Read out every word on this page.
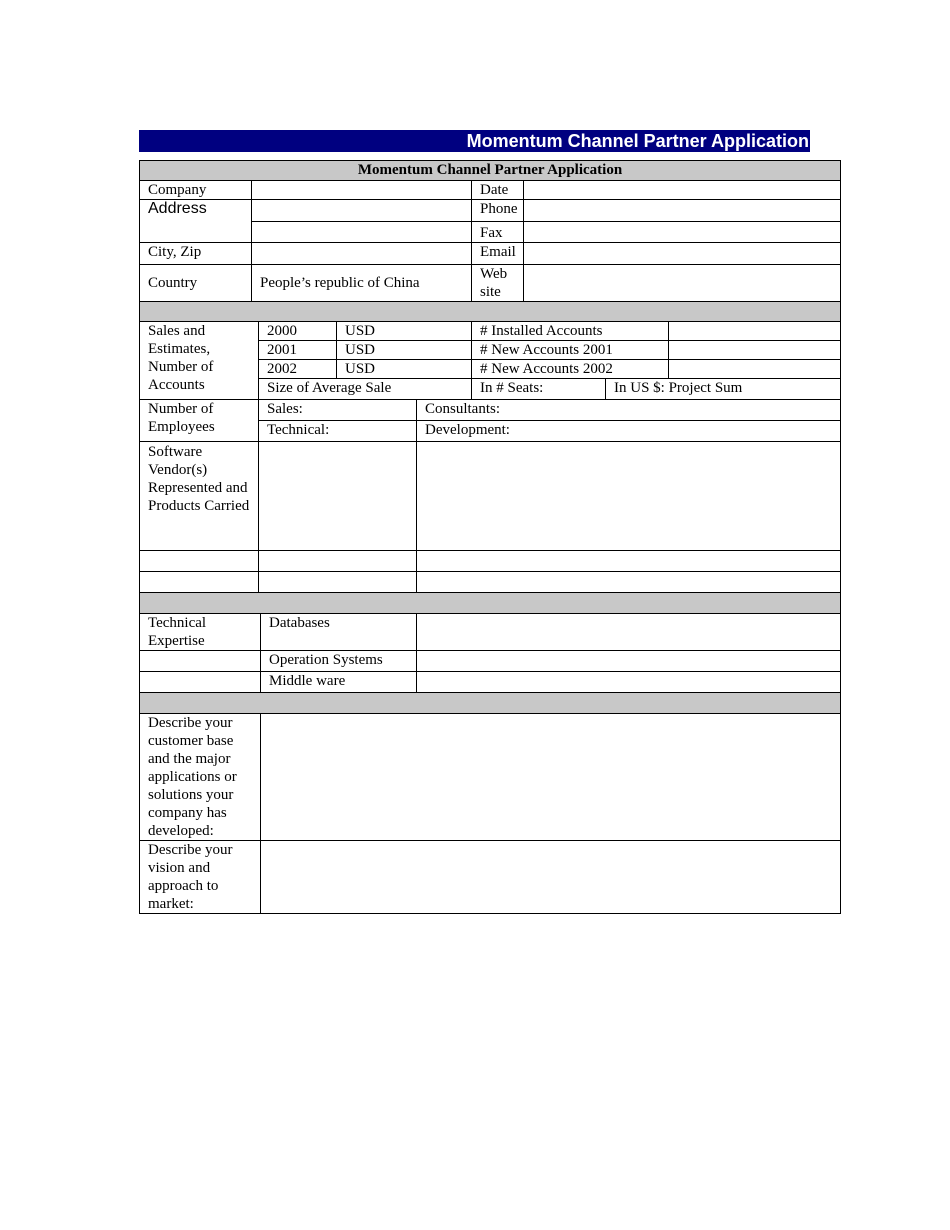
Momentum Channel Partner Application
Momentum Channel Partner Application									
Company						Date			
Address						Phone			
						Fax			
City, Zip						Email			
Country	People’s republic of China					Web site			

Sales and Estimates, Number of Accounts		2000		USD		# Installed Accounts			
		2001		USD		# New Accounts 2001			
		2002		USD		# New Accounts 2002			
		Size of Average Sale				In # Seats:		In US $: Project Sum	
Number of Employees		Sales:			Consultants:				
		Technical:			Development:				
Software Vendor(s) Represented and Products Carried									

Technical Expertise			Databases						
			Operation Systems						
			Middle ware						

Describe your customer base and the major applications or solutions your company has developed:									
Describe your vision and approach to market:									
